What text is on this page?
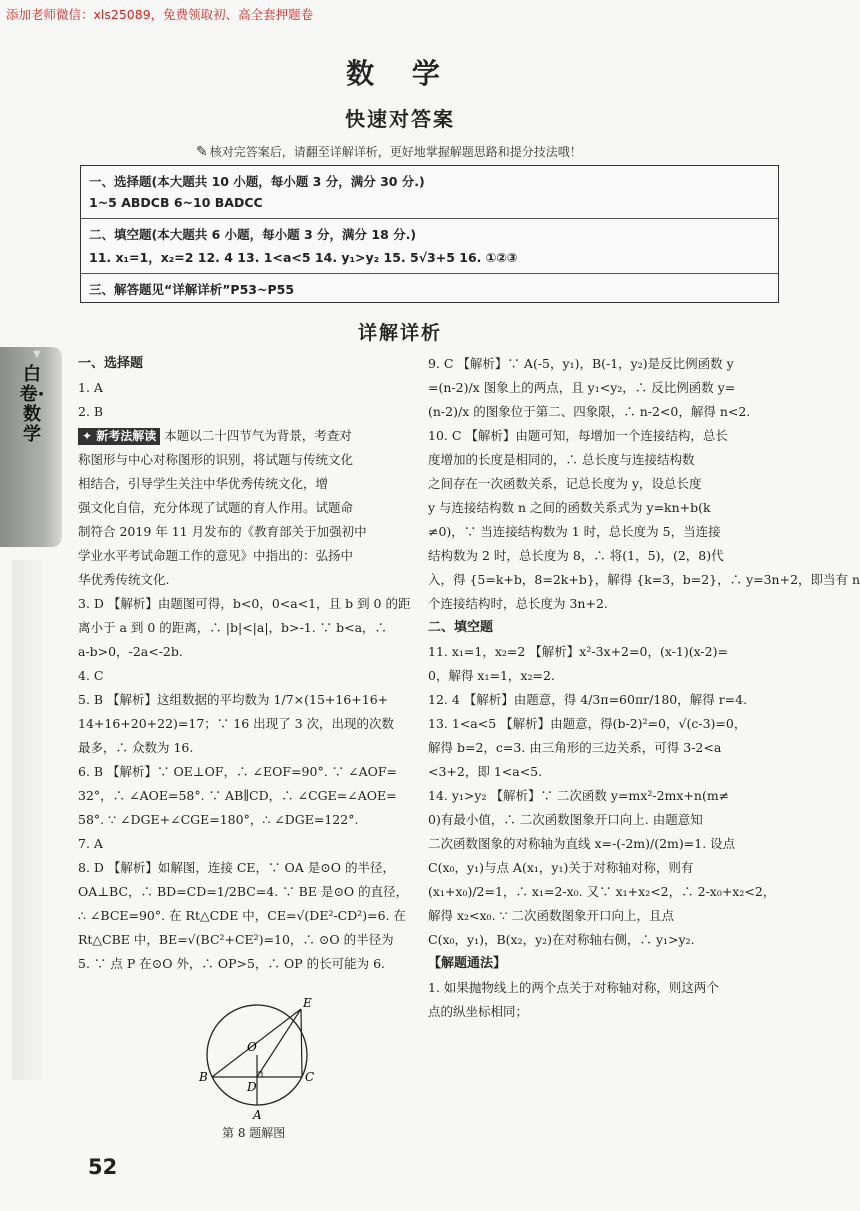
添加老师微信：xls25089，免费领取初、高全套押题卷
数 学
快速对答案
✎ 核对完答案后，请翻至详解详析，更好地掌握解题思路和提分技法哦！
一、选择题(本大题共 10 小题，每小题 3 分，满分 30 分.)
1~5 ABDCB 6~10 BADCC
二、填空题(本大题共 6 小题，每小题 3 分，满分 18 分.)
11. x₁=1，x₂=2 12. 4 13. 1<a<5 14. y₁>y₂ 15. 5√3+5 16. ①②③
三、解答题见“详解详析”P53~P55
详解详析
▼
白卷·数学
一、选择题
1. A
2. B
✦ 新考法解读 本题以二十四节气为背景，考查对
称图形与中心对称图形的识别，将试题与传统文化
相结合，引导学生关注中华优秀传统文化，增
强文化自信，充分体现了试题的育人作用。试题命
制符合 2019 年 11 月发布的《教育部关于加强初中
学业水平考试命题工作的意见》中指出的：弘扬中
华优秀传统文化.
3. D 【解析】由题图可得，b<0，0<a<1，且 b 到 0 的距
离小于 a 到 0 的距离，∴ |b|<|a|，b>-1. ∵ b<a，∴
a-b>0，-2a<-2b.
4. C
5. B 【解析】这组数据的平均数为 1/7×(15+16+16+
14+16+20+22)=17；∵ 16 出现了 3 次，出现的次数
最多，∴ 众数为 16.
6. B 【解析】∵ OE⊥OF，∴ ∠EOF=90°. ∵ ∠AOF=
32°，∴ ∠AOE=58°. ∵ AB∥CD，∴ ∠CGE=∠AOE=
58°. ∵ ∠DGE+∠CGE=180°，∴ ∠DGE=122°.
7. A
8. D 【解析】如解图，连接 CE，∵ OA 是⊙O 的半径，
OA⊥BC，∴ BD=CD=1/2BC=4. ∵ BE 是⊙O 的直径，
∴ ∠BCE=90°. 在 Rt△CDE 中，CE=√(DE²-CD²)=6. 在
Rt△CBE 中，BE=√(BC²+CE²)=10，∴ ⊙O 的半径为
5. ∵ 点 P 在⊙O 外，∴ OP>5，∴ OP 的长可能为 6.
9. C 【解析】∵ A(-5，y₁)，B(-1，y₂)是反比例函数 y
=(n-2)/x 图象上的两点，且 y₁<y₂，∴ 反比例函数 y=
(n-2)/x 的图象位于第二、四象限，∴ n-2<0，解得 n<2.
10. C 【解析】由题可知，每增加一个连接结构，总长
度增加的长度是相同的，∴ 总长度与连接结构数
之间存在一次函数关系，记总长度为 y，设总长度
y 与连接结构数 n 之间的函数关系式为 y=kn+b(k
≠0)，∵ 当连接结构数为 1 时，总长度为 5，当连接
结构数为 2 时，总长度为 8，∴ 将(1，5)，(2，8)代
入，得 {5=k+b，8=2k+b}，解得 {k=3，b=2}，∴ y=3n+2，即当有 n
个连接结构时，总长度为 3n+2.
二、填空题
11. x₁=1，x₂=2 【解析】x²-3x+2=0，(x-1)(x-2)=
0，解得 x₁=1，x₂=2.
12. 4 【解析】由题意，得 4/3π=60πr/180，解得 r=4.
13. 1<a<5 【解析】由题意，得(b-2)²=0，√(c-3)=0，
解得 b=2，c=3. 由三角形的三边关系，可得 3-2<a
<3+2，即 1<a<5.
14. y₁>y₂ 【解析】∵ 二次函数 y=mx²-2mx+n(m≠
0)有最小值，∴ 二次函数图象开口向上. 由题意知
二次函数图象的对称轴为直线 x=-(-2m)/(2m)=1. 设点
C(x₀，y₁)与点 A(x₁，y₁)关于对称轴对称，则有
(x₁+x₀)/2=1，∴ x₁=2-x₀. 又∵ x₁+x₂<2，∴ 2-x₀+x₂<2，
解得 x₂<x₀. ∵ 二次函数图象开口向上，且点
C(x₀，y₁)，B(x₂，y₂)在对称轴右侧，∴ y₁>y₂.
【解题通法】
1. 如果抛物线上的两个点关于对称轴对称，则这两个
点的纵坐标相同；
O
E
B
D
C
A
第 8 题解图
52
